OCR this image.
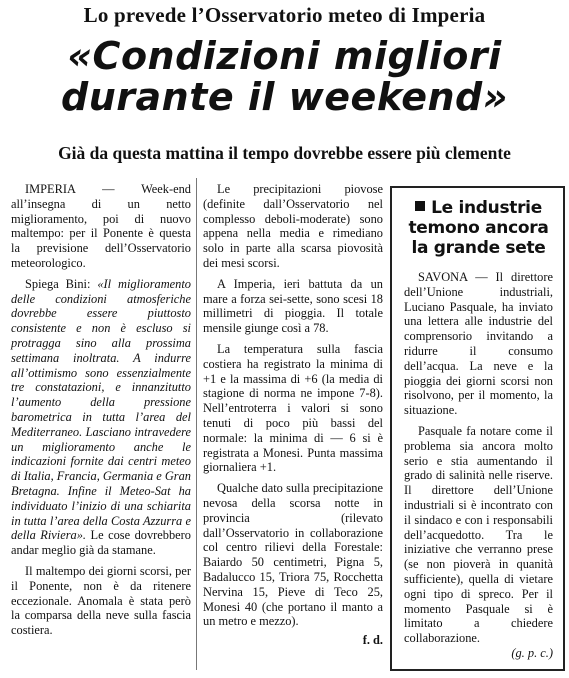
Lo prevede l’Osservatorio meteo di Imperia
«Condizioni migliori durante il weekend»
Già da questa mattina il tempo dovrebbe essere più clemente

IMPERIA — Week-end all’insegna di un netto miglioramento, poi di nuovo maltempo: per il Ponente è questa la previsione dell’Osservatorio meteorologico.

Spiega Bini: «Il miglioramento delle condizioni atmosferiche dovrebbe essere piuttosto consistente e non è escluso si protragga sino alla prossima settimana inoltrata. A indurre all’ottimismo sono essenzialmente tre constatazioni, e innanzitutto l’aumento della pressione barometrica in tutta l’area del Mediterraneo. Lasciano intravedere un miglioramento anche le indicazioni fornite dai centri meteo di Italia, Francia, Germania e Gran Bretagna. Infine il Meteo-Sat ha individuato l’inizio di una schiarita in tutta l’area della Costa Azzurra e della Riviera». Le cose dovrebbero andar meglio già da stamane.

Il maltempo dei giorni scorsi, per il Ponente, non è da ritenere eccezionale. Anomala è stata però la comparsa della neve sulla fascia costiera.

Le precipitazioni piovose (definite dall’Osservatorio nel complesso deboli-moderate) sono appena nella media e rimediano solo in parte alla scarsa piovosità dei mesi scorsi.

A Imperia, ieri battuta da un mare a forza sei-sette, sono scesi 18 millimetri di pioggia. Il totale mensile giunge così a 78.

La temperatura sulla fascia costiera ha registrato la minima di +1 e la massima di +6 (la media di stagione di norma ne impone 7-8). Nell’entroterra i valori si sono tenuti di poco più bassi del normale: la minima di — 6 si è registrata a Monesi. Punta massima giornaliera +1.

Qualche dato sulla precipitazione nevosa della scorsa notte in provincia (rilevato dall’Osservatorio in collaborazione col centro rilievi della Forestale: Baiardo 50 centimetri, Pigna 5, Badalucco 15, Triora 75, Rocchetta Nervina 15, Pieve di Teco 25, Monesi 40 (che portano il manto a un metro e mezzo).

f. d.
Le industrie temono ancora la grande sete

SAVONA — Il direttore dell’Unione industriali, Luciano Pasquale, ha inviato una lettera alle industrie del comprensorio invitando a ridurre il consumo dell’acqua. La neve e la pioggia dei giorni scorsi non risolvono, per il momento, la situazione.

Pasquale fa notare come il problema sia ancora molto serio e stia aumentando il grado di salinità nelle riserve. Il direttore dell’Unione industriali si è incontrato con il sindaco e con i responsabili dell’acquedotto. Tra le iniziative che verranno prese (se non pioverà in quanità sufficiente), quella di vietare ogni tipo di spreco. Per il momento Pasquale si è limitato a chiedere collaborazione.

(g. p. c.)
